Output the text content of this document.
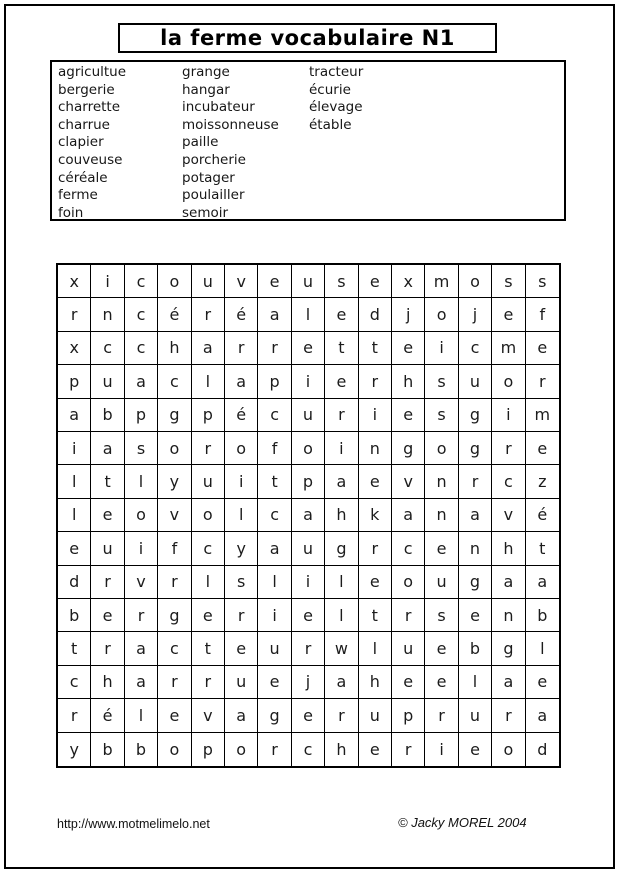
la ferme vocabulaire N1
agricultue
bergerie
charrette
charrue
clapier
couveuse
céréale
ferme
foin
grange
hangar
incubateur
moissonneuse
paille
porcherie
potager
poulailler
semoir
tracteur
écurie
élevage
étable
x	i	c	o	u	v	e	u	s	e	x	m	o	s	s
r	n	c	é	r	é	a	l	e	d	j	o	j	e	f
x	c	c	h	a	r	r	e	t	t	e	i	c	m	e
p	u	a	c	l	a	p	i	e	r	h	s	u	o	r
a	b	p	g	p	é	c	u	r	i	e	s	g	i	m
i	a	s	o	r	o	f	o	i	n	g	o	g	r	e
l	t	l	y	u	i	t	p	a	e	v	n	r	c	z
l	e	o	v	o	l	c	a	h	k	a	n	a	v	é
e	u	i	f	c	y	a	u	g	r	c	e	n	h	t
d	r	v	r	l	s	l	i	l	e	o	u	g	a	a
b	e	r	g	e	r	i	e	l	t	r	s	e	n	b
t	r	a	c	t	e	u	r	w	l	u	e	b	g	l
c	h	a	r	r	u	e	j	a	h	e	e	l	a	e
r	é	l	e	v	a	g	e	r	u	p	r	u	r	a
y	b	b	o	p	o	r	c	h	e	r	i	e	o	d
http://www.motmelimelo.net	© Jacky MOREL 2004
